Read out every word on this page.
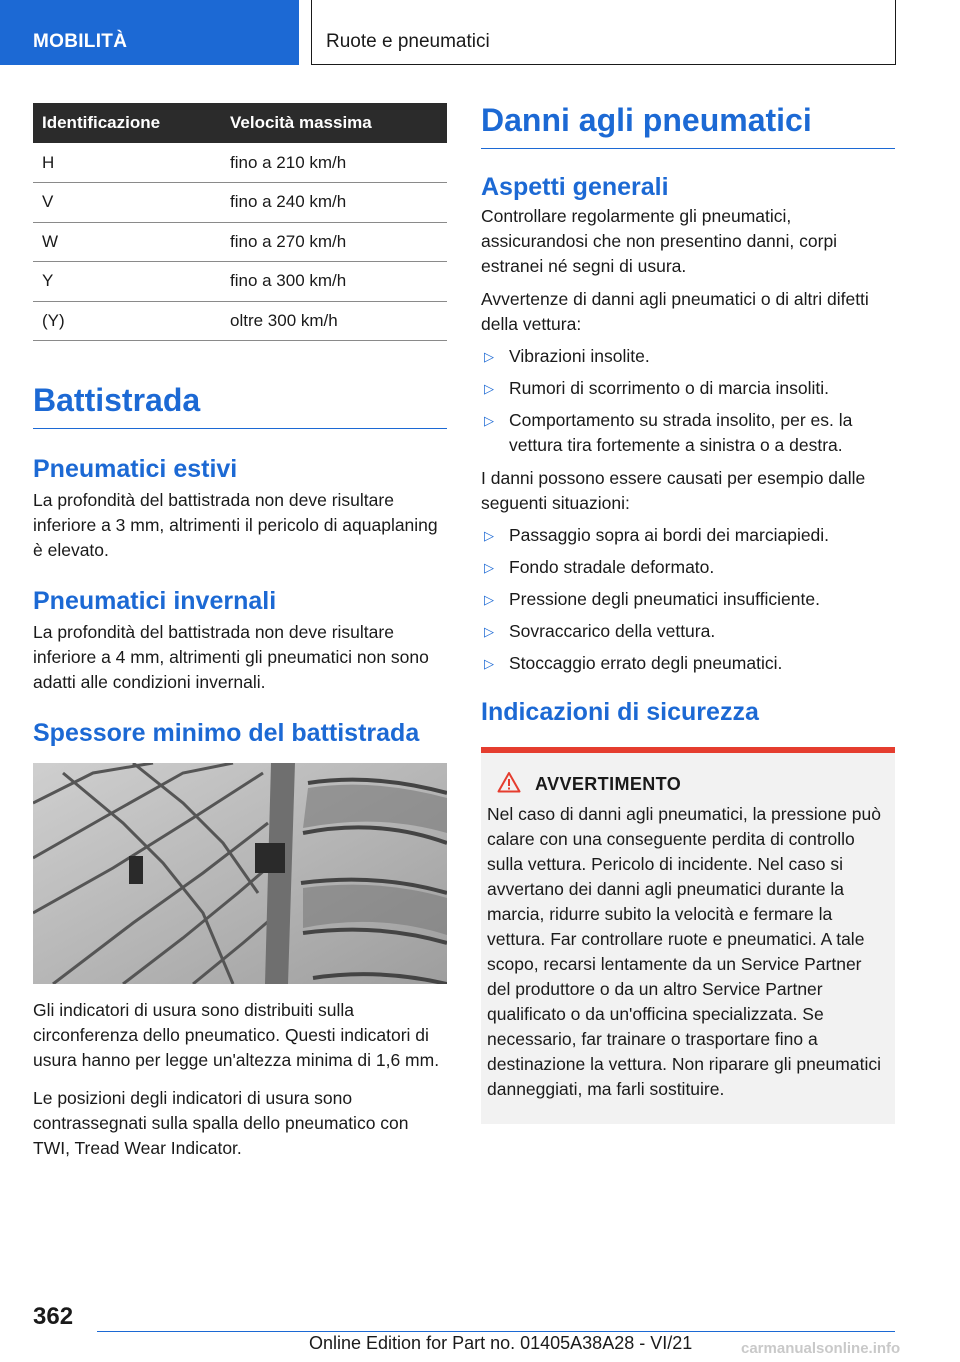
MOBILITÀ	Ruote e pneumatici
Identificazione	Velocità massima
H	fino a 210 km/h
V	fino a 240 km/h
W	fino a 270 km/h
Y	fino a 300 km/h
(Y)	oltre 300 km/h
Battistrada
Pneumatici estivi

La profondità del battistrada non deve risultare inferiore a 3 mm, altrimenti il pericolo di aquaplaning è elevato.

Pneumatici invernali

La profondità del battistrada non deve risultare inferiore a 4 mm, altrimenti gli pneumatici non sono adatti alle condizioni invernali.

Spessore minimo del battistrada

Gli indicatori di usura sono distribuiti sulla circonferenza dello pneumatico. Questi indicatori di usura hanno per legge un'altezza minima di 1,6 mm.

Le posizioni degli indicatori di usura sono contrassegnati sulla spalla dello pneumatico con TWI, Tread Wear Indicator.

Danni agli pneumatici
Aspetti generali

Controllare regolarmente gli pneumatici, assicurandosi che non presentino danni, corpi estranei né segni di usura.

Avvertenze di danni agli pneumatici o di altri difetti della vettura:

▷ Vibrazioni insolite.
▷ Rumori di scorrimento o di marcia insoliti.
▷ Comportamento su strada insolito, per es. la vettura tira fortemente a sinistra o a destra.

I danni possono essere causati per esempio dalle seguenti situazioni:

▷ Passaggio sopra ai bordi dei marciapiedi.
▷ Fondo stradale deformato.
▷ Pressione degli pneumatici insufficiente.
▷ Sovraccarico della vettura.
▷ Stoccaggio errato degli pneumatici.
Indicazioni di sicurezza
AVVERTIMENTO

Nel caso di danni agli pneumatici, la pressione può calare con una conseguente perdita di controllo sulla vettura. Pericolo di incidente. Nel caso si avvertano dei danni agli pneumatici durante la marcia, ridurre subito la velocità e fermare la vettura. Far controllare ruote e pneumatici. A tale scopo, recarsi lentamente da un Service Partner del produttore o da un altro Service Partner qualificato o da un'officina specializzata. Se necessario, far trainare o trasportare fino a destinazione la vettura. Non riparare gli pneumatici danneggiati, ma farli sostituire.

362
Online Edition for Part no. 01405A38A28 - VI/21	carmanualsonline.info
